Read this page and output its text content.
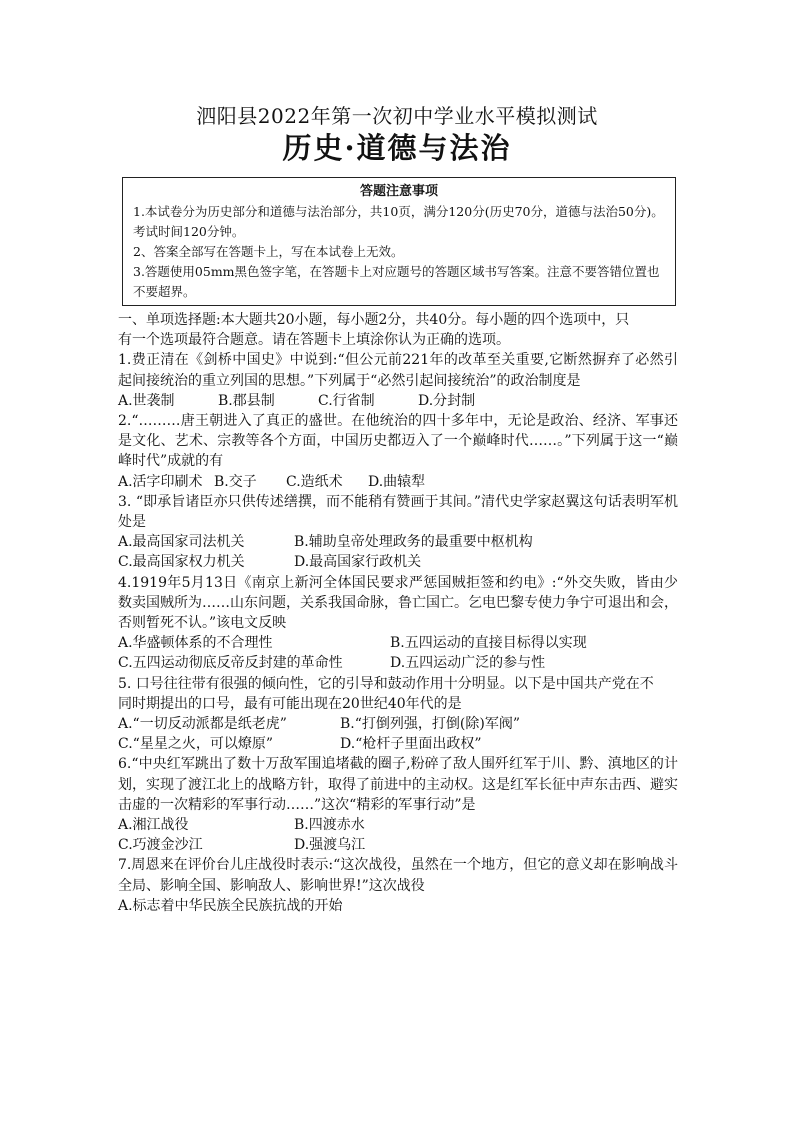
泗阳县2022年第一次初中学业水平模拟测试
历史·道德与法治
答题注意事项

1.本试卷分为历史部分和道德与法治部分，共10页，满分120分(历史70分，道德与法治50分)。考试时间120分钟。

2、答案全部写在答题卡上，写在本试卷上无效。

3.答题使用05mm黑色签字笔，在答题卡上对应题号的答题区域书写答案。注意不要答错位置也不要超界。

一、单项选择题:本大题共20小题，每小题2分，共40分。每小题的四个选项中，只

有一个选项最符合题意。请在答题卡上填涂你认为正确的选项。

1.费正清在《剑桥中国史》中说到:“但公元前221年的改革至关重要,它断然摒弃了必然引起间接统治的重立列国的思想。”下列属于“必然引起间接统治”的政治制度是

A.世袭制	B.郡县制	C.行省制	D.分封制

2.“………唐王朝进入了真正的盛世。在他统治的四十多年中，无论是政治、经济、军事还是文化、艺术、宗教等各个方面，中国历史都迈入了一个巅峰时代……。”下列属于这一“巅峰时代”成就的有

A.活字印刷术 B.交子	C.造纸术	D.曲辕犁

3. “即承旨诸臣亦只供传述缮撰，而不能稍有赞画于其间。”清代史学家赵翼这句话表明军机处是

A.最高国家司法机关	B.辅助皇帝处理政务的最重要中枢机构
C.最高国家权力机关	D.最高国家行政机关

4.1919年5月13日《南京上新河全体国民要求严惩国贼拒签和约电》:“外交失败，皆由少数卖国贼所为……山东问题，关系我国命脉，鲁亡国亡。乞电巴黎专使力争宁可退出和会，否则暂死不认。”该电文反映

A.华盛顿体系的不合理性	B.五四运动的直接目标得以实现
C.五四运动彻底反帝反封建的革命性	D.五四运动广泛的参与性

5. 口号往往带有很强的倾向性，它的引导和鼓动作用十分明显。以下是中国共产党在不

同时期提出的口号，最有可能出现在20世纪40年代的是

A.“一切反动派都是纸老虎”	B.“打倒列强，打倒(除)军阀”
C.“星星之火，可以燎原”	D.“枪杆子里面出政权”

6.“中央红军跳出了数十万敌军围追堵截的圈子,粉碎了敌人围歼红军于川、黔、滇地区的计划，实现了渡江北上的战略方针，取得了前进中的主动权。这是红军长征中声东击西、避实击虚的一次精彩的军事行动……”这次“精彩的军事行动”是

A.湘江战役	B.四渡赤水
C.巧渡金沙江	D.强渡乌江

7.周恩来在评价台儿庄战役时表示:“这次战役，虽然在一个地方，但它的意义却在影响战斗全局、影响全国、影响敌人、影响世界!”这次战役

A.标志着中华民族全民族抗战的开始
